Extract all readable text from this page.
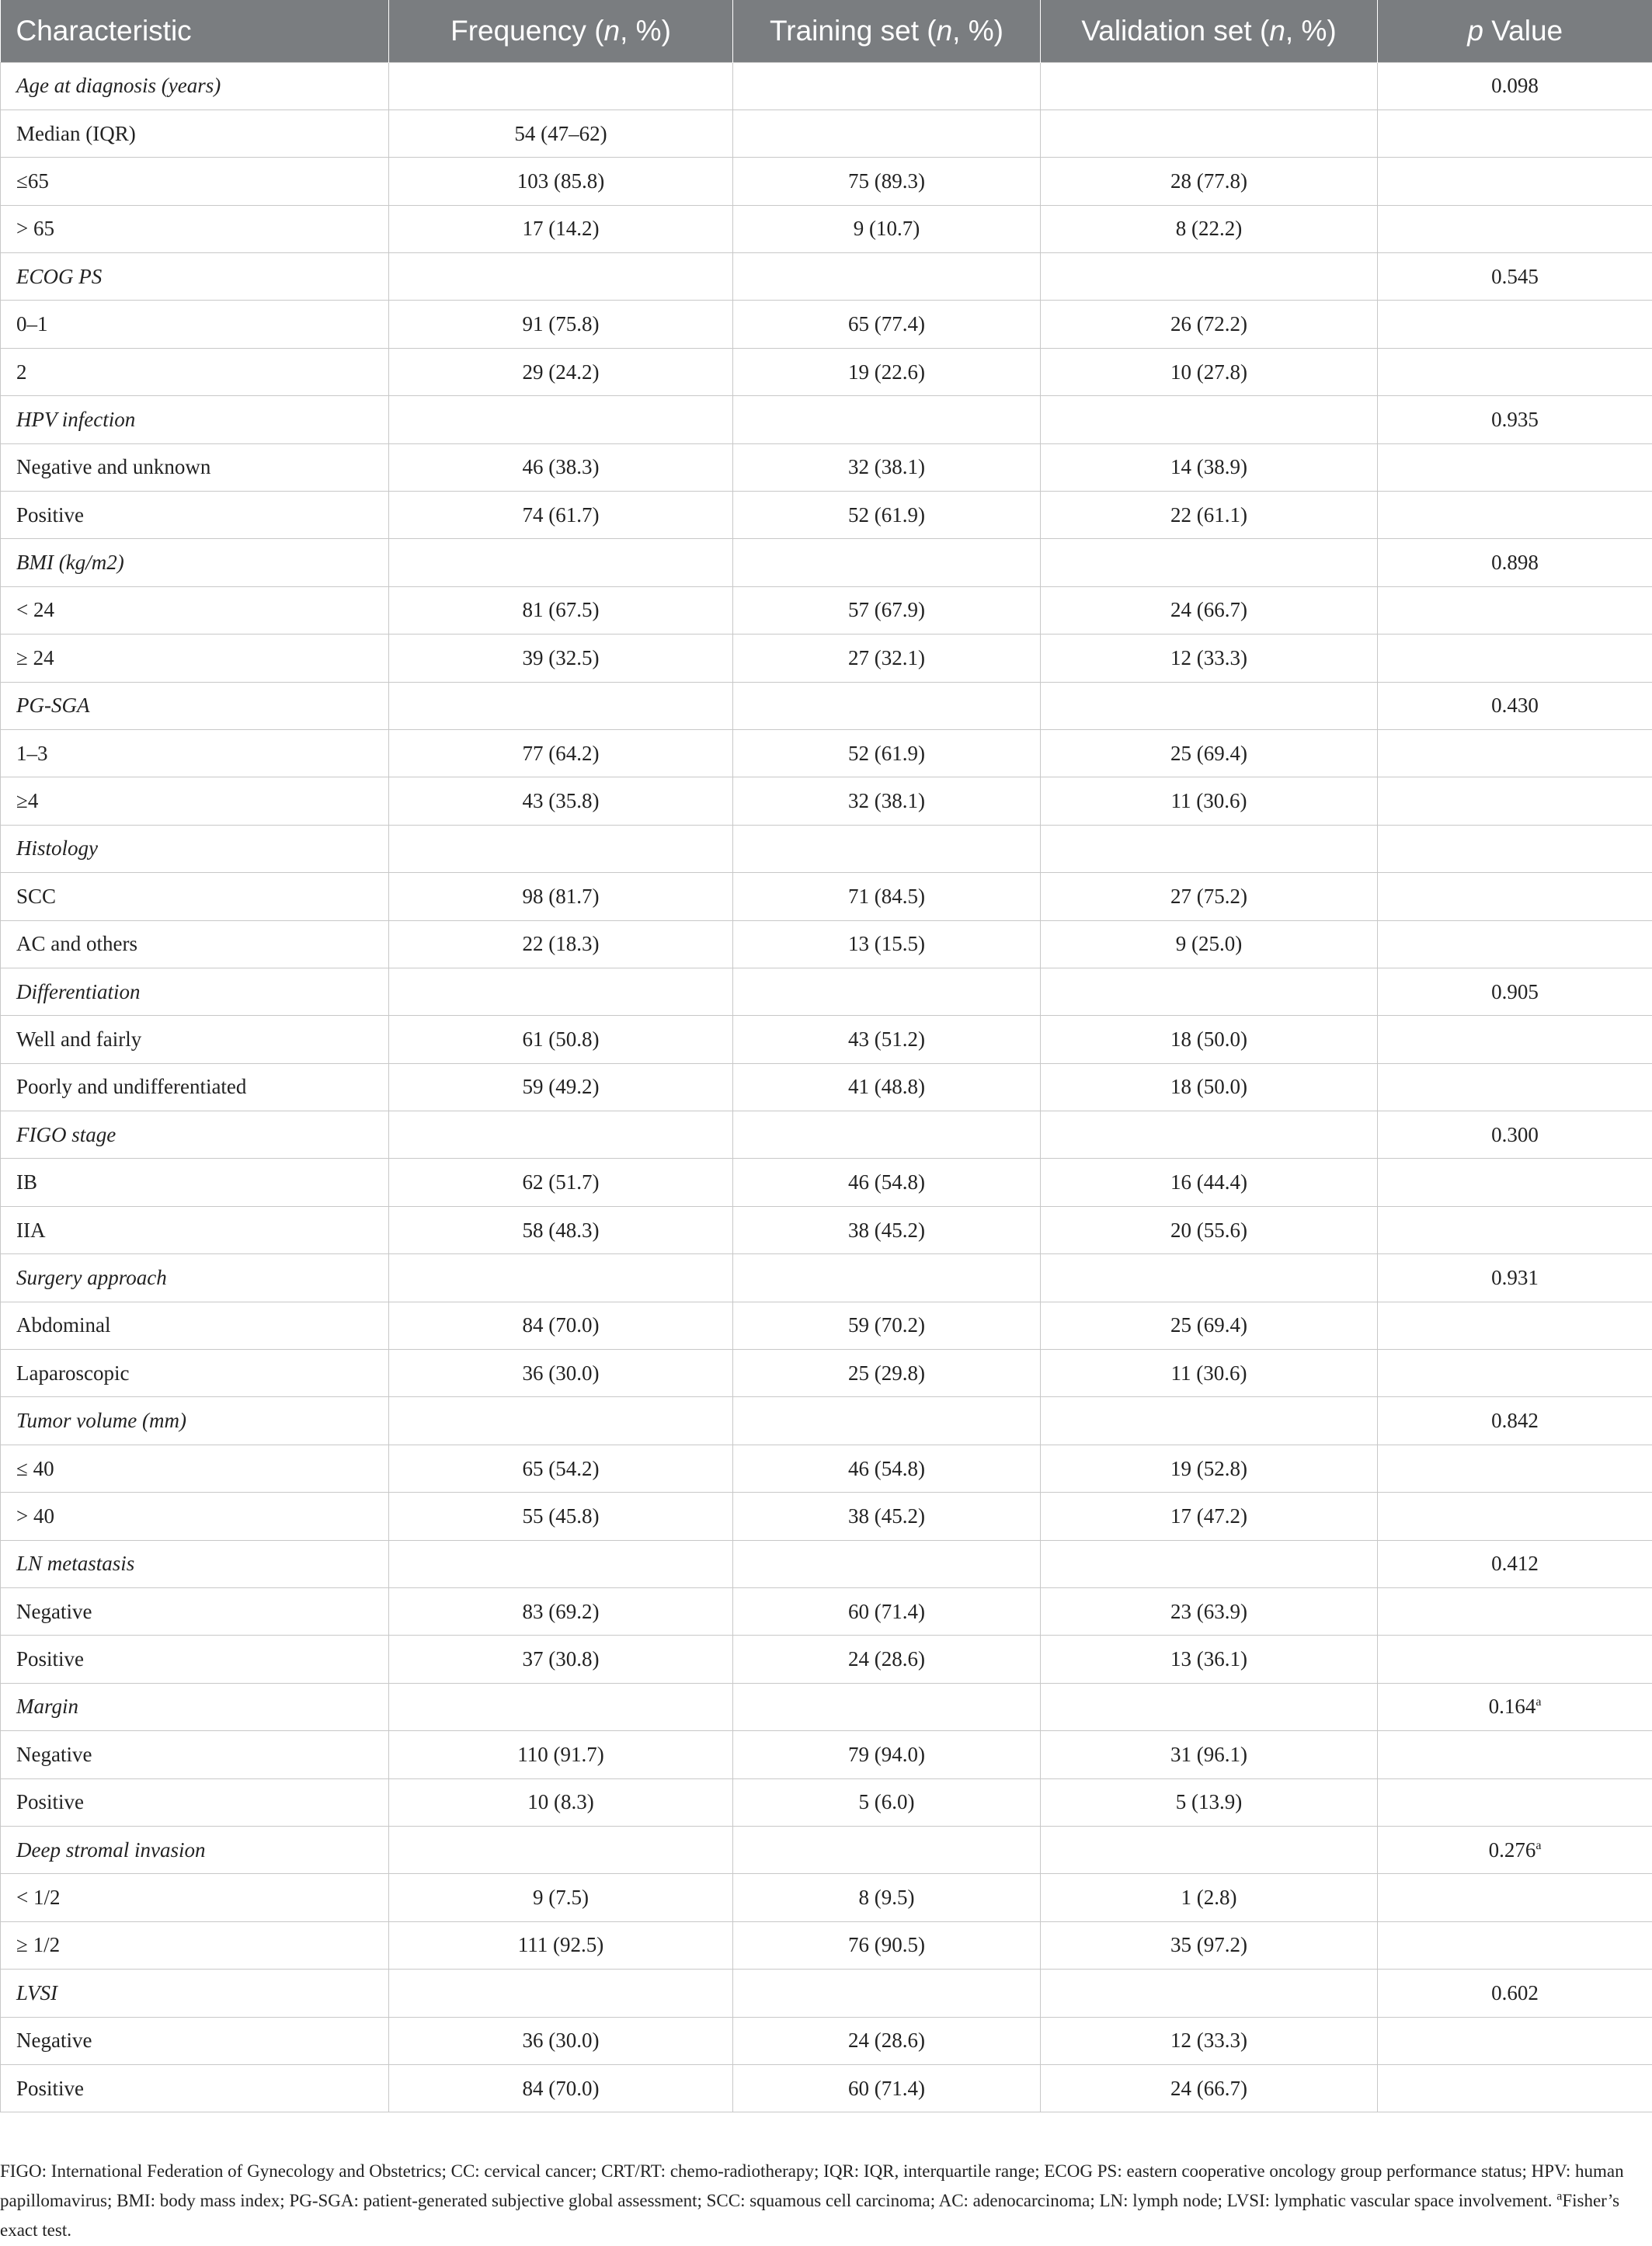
Characteristic	Frequency (n, %)	Training set (n, %)	Validation set (n, %)	p Value
Age at diagnosis (years)				0.098
Median (IQR)	54 (47–62)			
≤65	103 (85.8)	75 (89.3)	28 (77.8)	
> 65	17 (14.2)	9 (10.7)	8 (22.2)	
ECOG PS				0.545
0–1	91 (75.8)	65 (77.4)	26 (72.2)	
2	29 (24.2)	19 (22.6)	10 (27.8)	
HPV infection				0.935
Negative and unknown	46 (38.3)	32 (38.1)	14 (38.9)	
Positive	74 (61.7)	52 (61.9)	22 (61.1)	
BMI (kg/m2)				0.898
< 24	81 (67.5)	57 (67.9)	24 (66.7)	
≥ 24	39 (32.5)	27 (32.1)	12 (33.3)	
PG-SGA				0.430
1–3	77 (64.2)	52 (61.9)	25 (69.4)	
≥4	43 (35.8)	32 (38.1)	11 (30.6)	
Histology				
SCC	98 (81.7)	71 (84.5)	27 (75.2)	
AC and others	22 (18.3)	13 (15.5)	9 (25.0)	
Differentiation				0.905
Well and fairly	61 (50.8)	43 (51.2)	18 (50.0)	
Poorly and undifferentiated	59 (49.2)	41 (48.8)	18 (50.0)	
FIGO stage				0.300
IB	62 (51.7)	46 (54.8)	16 (44.4)	
IIA	58 (48.3)	38 (45.2)	20 (55.6)	
Surgery approach				0.931
Abdominal	84 (70.0)	59 (70.2)	25 (69.4)	
Laparoscopic	36 (30.0)	25 (29.8)	11 (30.6)	
Tumor volume (mm)				0.842
≤ 40	65 (54.2)	46 (54.8)	19 (52.8)	
> 40	55 (45.8)	38 (45.2)	17 (47.2)	
LN metastasis				0.412
Negative	83 (69.2)	60 (71.4)	23 (63.9)	
Positive	37 (30.8)	24 (28.6)	13 (36.1)	
Margin				0.164$^a$
Negative	110 (91.7)	79 (94.0)	31 (96.1)	
Positive	10 (8.3)	5 (6.0)	5 (13.9)	
Deep stromal invasion				0.276$^a$
< 1/2	9 (7.5)	8 (9.5)	1 (2.8)	
≥ 1/2	111 (92.5)	76 (90.5)	35 (97.2)	
LVSI				0.602
Negative	36 (30.0)	24 (28.6)	12 (33.3)	
Positive	84 (70.0)	60 (71.4)	24 (66.7)	
FIGO: International Federation of Gynecology and Obstetrics; CC: cervical cancer; CRT/RT: chemo-radiotherapy; IQR: IQR, interquartile range; ECOG PS: eastern cooperative oncology group performance status; HPV: human papillomavirus; BMI: body mass index; PG-SGA: patient-generated subjective global assessment; SCC: squamous cell carcinoma; AC: adenocarcinoma; LN: lymph node; LVSI: lymphatic vascular space involvement. $^a$Fisher’s exact test.
